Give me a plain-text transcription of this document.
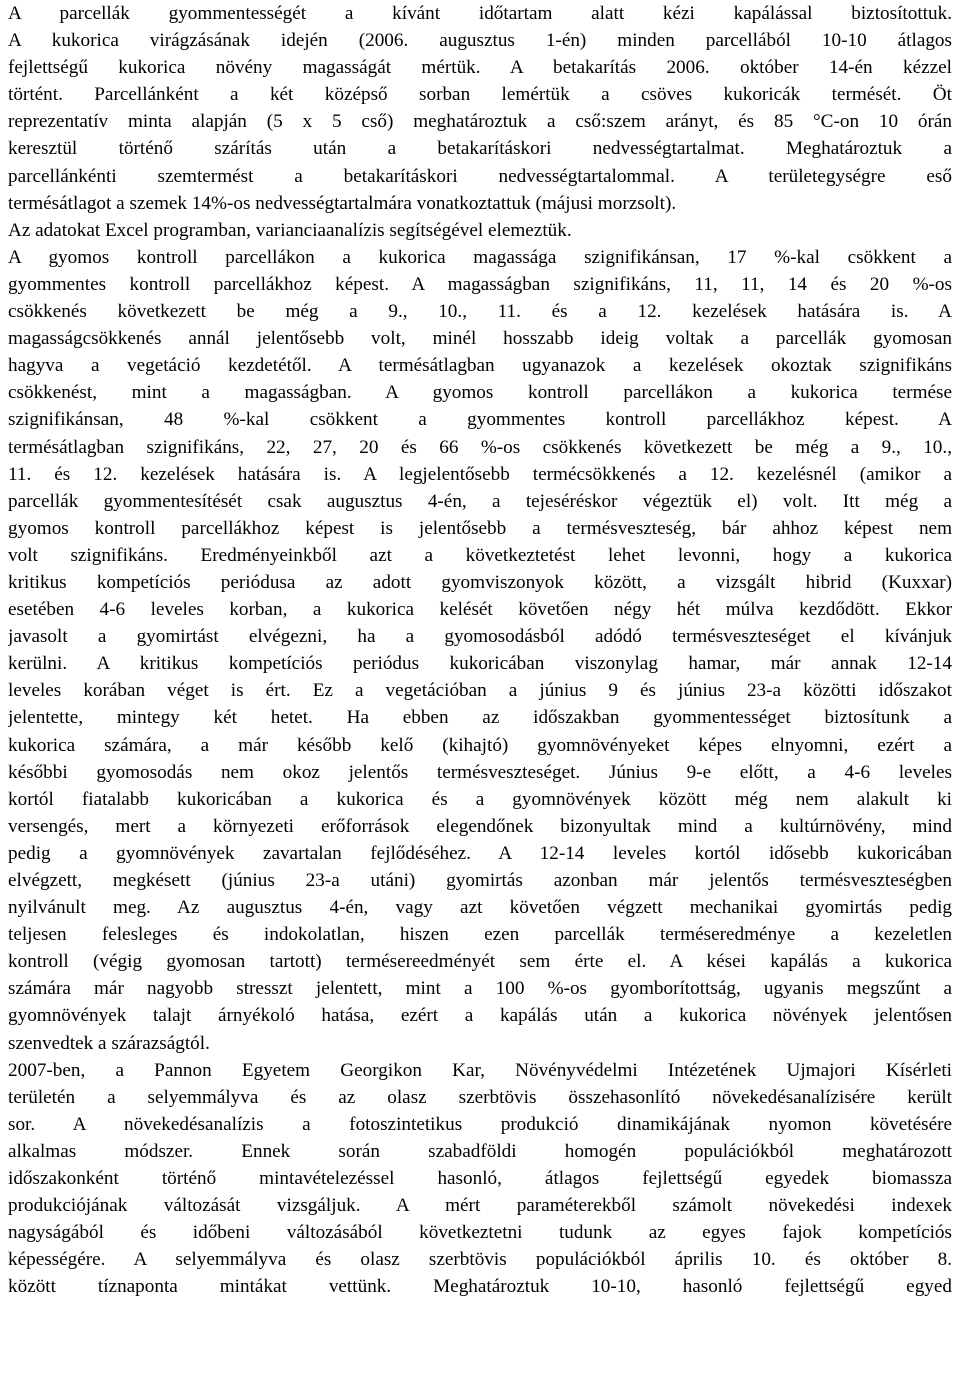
A parcellák gyommentességét a kívánt időtartam alatt kézi kapálással biztosítottuk.
A kukorica virágzásának idején (2006. augusztus 1-én) minden parcellából 10-10 átlagos
fejlettségű kukorica növény magasságát mértük. A betakarítás 2006. október 14-én kézzel
történt. Parcellánként a két középső sorban lemértük a csöves kukoricák termését. Öt
reprezentatív minta alapján (5 x 5 cső) meghatároztuk a cső:szem arányt, és 85 °C-on 10 órán
keresztül történő szárítás után a betakarításkori nedvességtartalmat. Meghatároztuk a
parcellánkénti szemtermést a betakarításkori nedvességtartalommal. A területegységre eső
termésátlagot a szemek 14%-os nedvességtartalmára vonatkoztattuk (májusi morzsolt).
Az adatokat Excel programban, varianciaanalízis segítségével elemeztük.
A gyomos kontroll parcellákon a kukorica magassága szignifikánsan, 17 %-kal csökkent a
gyommentes kontroll parcellákhoz képest. A magasságban szignifikáns, 11, 11, 14 és 20 %-os
csökkenés következett be még a 9., 10., 11. és a 12. kezelések hatására is. A
magasságcsökkenés annál jelentősebb volt, minél hosszabb ideig voltak a parcellák gyomosan
hagyva a vegetáció kezdetétől. A termésátlagban ugyanazok a kezelések okoztak szignifikáns
csökkenést, mint a magasságban. A gyomos kontroll parcellákon a kukorica termése
szignifikánsan, 48 %-kal csökkent a gyommentes kontroll parcellákhoz képest. A
termésátlagban szignifikáns, 22, 27, 20 és 66 %-os csökkenés következett be még a 9., 10.,
11. és 12. kezelések hatására is. A legjelentősebb termécsökkenés a 12. kezelésnél (amikor a
parcellák gyommentesítését csak augusztus 4-én, a tejeséréskor végeztük el) volt. Itt még a
gyomos kontroll parcellákhoz képest is jelentősebb a termésveszteség, bár ahhoz képest nem
volt szignifikáns. Eredményeinkből azt a következtetést lehet levonni, hogy a kukorica
kritikus kompetíciós periódusa az adott gyomviszonyok között, a vizsgált hibrid (Kuxxar)
esetében 4-6 leveles korban, a kukorica kelését követően négy hét múlva kezdődött. Ekkor
javasolt a gyomirtást elvégezni, ha a gyomosodásból adódó termésveszteséget el kívánjuk
kerülni. A kritikus kompetíciós periódus kukoricában viszonylag hamar, már annak 12-14
leveles korában véget is ért. Ez a vegetációban a június 9 és június 23-a közötti időszakot
jelentette, mintegy két hetet. Ha ebben az időszakban gyommentességet biztosítunk a
kukorica számára, a már később kelő (kihajtó) gyomnövényeket képes elnyomni, ezért a
későbbi gyomosodás nem okoz jelentős termésveszteséget. Június 9-e előtt, a 4-6 leveles
kortól fiatalabb kukoricában a kukorica és a gyomnövények között még nem alakult ki
versengés, mert a környezeti erőforrások elegendőnek bizonyultak mind a kultúrnövény, mind
pedig a gyomnövények zavartalan fejlődéséhez. A 12-14 leveles kortól idősebb kukoricában
elvégzett, megkésett (június 23-a utáni) gyomirtás azonban már jelentős termésveszteségben
nyilvánult meg. Az augusztus 4-én, vagy azt követően végzett mechanikai gyomirtás pedig
teljesen felesleges és indokolatlan, hiszen ezen parcellák terméseredménye a kezeletlen
kontroll (végig gyomosan tartott) termésereedményét sem érte el. A kései kapálás a kukorica
számára már nagyobb stresszt jelentett, mint a 100 %-os gyomborítottság, ugyanis megszűnt a
gyomnövények talajt árnyékoló hatása, ezért a kapálás után a kukorica növények jelentősen
szenvedtek a szárazságtól.
2007-ben, a Pannon Egyetem Georgikon Kar, Növényvédelmi Intézetének Ujmajori Kísérleti
területén a selyemmályva és az olasz szerbtövis összehasonlító növekedésanalízisére került
sor. A növekedésanalízis a fotoszintetikus produkció dinamikájának nyomon követésére
alkalmas módszer. Ennek során szabadföldi homogén populációkból meghatározott
időszakonként történő mintavételezéssel hasonló, átlagos fejlettségű egyedek biomassza
produkciójának változását vizsgáljuk. A mért paraméterekből számolt növekedési indexek
nagyságából és időbeni változásából következtetni tudunk az egyes fajok kompetíciós
képességére. A selyemmályva és olasz szerbtövis populációkból április 10. és október 8.
között tíznaponta mintákat vettünk. Meghatároztuk 10-10, hasonló fejlettségű egyed
